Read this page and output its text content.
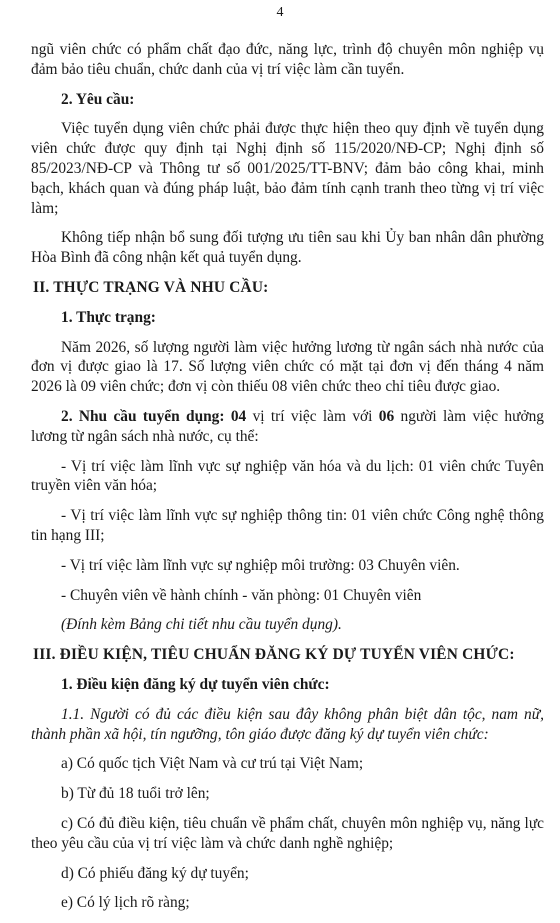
4

ngũ viên chức có phẩm chất đạo đức, năng lực, trình độ chuyên môn nghiệp vụ đảm bảo tiêu chuẩn, chức danh của vị trí việc làm cần tuyển.

2. Yêu cầu:

Việc tuyển dụng viên chức phải được thực hiện theo quy định về tuyển dụng viên chức được quy định tại Nghị định số 115/2020/NĐ-CP; Nghị định số 85/2023/NĐ-CP và Thông tư số 001/2025/TT-BNV; đảm bảo công khai, minh bạch, khách quan và đúng pháp luật, bảo đảm tính cạnh tranh theo từng vị trí việc làm;

Không tiếp nhận bổ sung đối tượng ưu tiên sau khi Ủy ban nhân dân phường Hòa Bình đã công nhận kết quả tuyển dụng.

II. THỰC TRẠNG VÀ NHU CẦU:

1. Thực trạng:

Năm 2026, số lượng người làm việc hưởng lương từ ngân sách nhà nước của đơn vị được giao là 17. Số lượng viên chức có mặt tại đơn vị đến tháng 4 năm 2026 là 09 viên chức; đơn vị còn thiếu 08 viên chức theo chỉ tiêu được giao.

2. Nhu cầu tuyển dụng: 04 vị trí việc làm với 06 người làm việc hưởng lương từ ngân sách nhà nước, cụ thể:

- Vị trí việc làm lĩnh vực sự nghiệp văn hóa và du lịch: 01 viên chức Tuyên truyền viên văn hóa;

- Vị trí việc làm lĩnh vực sự nghiệp thông tin: 01 viên chức Công nghệ thông tin hạng III;

- Vị trí việc làm lĩnh vực sự nghiệp môi trường: 03 Chuyên viên.

- Chuyên viên về hành chính - văn phòng: 01 Chuyên viên

(Đính kèm Bảng chi tiết nhu cầu tuyển dụng).

III. ĐIỀU KIỆN, TIÊU CHUẨN ĐĂNG KÝ DỰ TUYỂN VIÊN CHỨC:

1. Điều kiện đăng ký dự tuyển viên chức:

1.1. Người có đủ các điều kiện sau đây không phân biệt dân tộc, nam nữ, thành phần xã hội, tín ngưỡng, tôn giáo được đăng ký dự tuyển viên chức:

a) Có quốc tịch Việt Nam và cư trú tại Việt Nam;

b) Từ đủ 18 tuổi trở lên;

c) Có đủ điều kiện, tiêu chuẩn về phẩm chất, chuyên môn nghiệp vụ, năng lực theo yêu cầu của vị trí việc làm và chức danh nghề nghiệp;

d) Có phiếu đăng ký dự tuyển;

e) Có lý lịch rõ ràng;
